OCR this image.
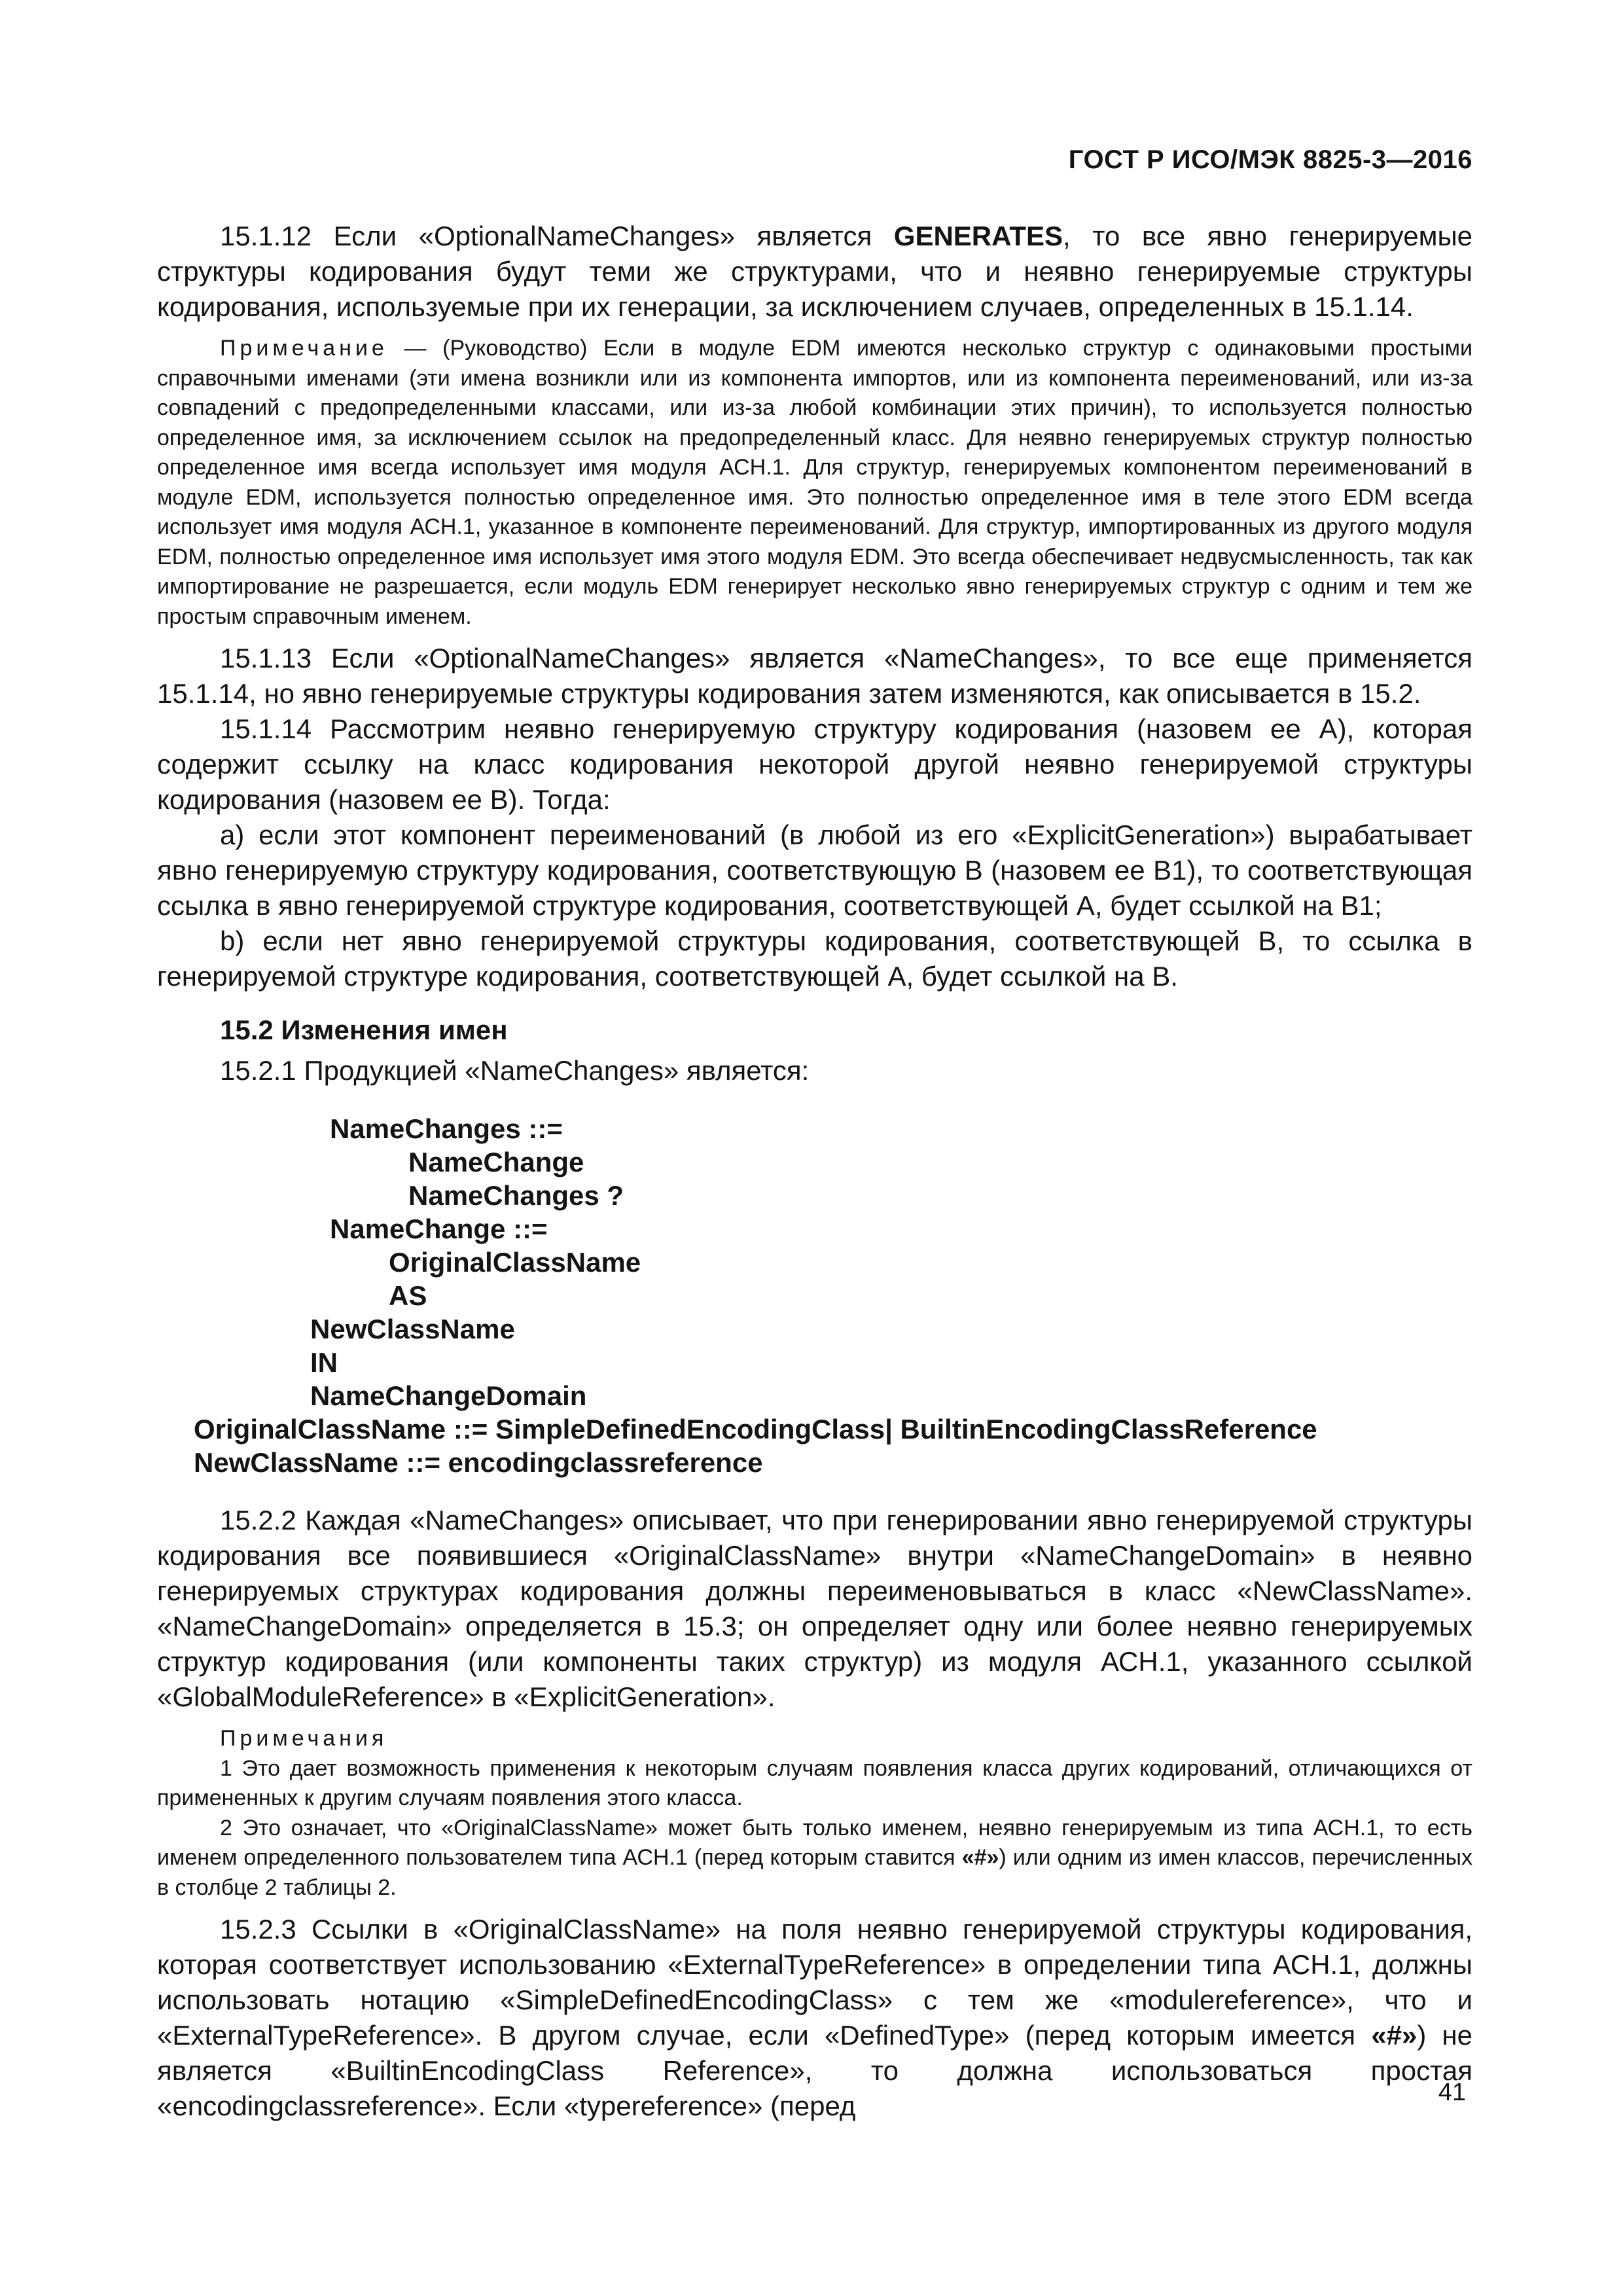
ГОСТ Р ИСО/МЭК 8825-3—2016

15.1.12 Если «OptionalNameChanges» является GENERATES, то все явно генерируемые структуры кодирования будут теми же структурами, что и неявно генерируемые структуры кодирования, используемые при их генерации, за исключением случаев, определенных в 15.1.14.

Примечание — (Руководство) Если в модуле EDM имеются несколько структур с одинаковыми простыми справочными именами (эти имена возникли или из компонента импортов, или из компонента переименований, или из-за совпадений с предопределенными классами, или из-за любой комбинации этих причин), то используется полностью определенное имя, за исключением ссылок на предопределенный класс. Для неявно генерируемых структур полностью определенное имя всегда использует имя модуля АСН.1. Для структур, генерируемых компонентом переименований в модуле EDM, используется полностью определенное имя. Это полностью определенное имя в теле этого EDM всегда использует имя модуля АСН.1, указанное в компоненте переименований. Для структур, импортированных из другого модуля EDM, полностью определенное имя использует имя этого модуля EDM. Это всегда обеспечивает недвусмысленность, так как импортирование не разрешается, если модуль EDM генерирует несколько явно генерируемых структур с одним и тем же простым справочным именем.

15.1.13 Если «OptionalNameChanges» является «NameChanges», то все еще применяется 15.1.14, но явно генерируемые структуры кодирования затем изменяются, как описывается в 15.2.

15.1.14 Рассмотрим неявно генерируемую структуру кодирования (назовем ее A), которая содержит ссылку на класс кодирования некоторой другой неявно генерируемой структуры кодирования (назовем ее B). Тогда:

a) если этот компонент переименований (в любой из его «ExplicitGeneration») вырабатывает явно генерируемую структуру кодирования, соответствующую B (назовем ее B1), то соответствующая ссылка в явно генерируемой структуре кодирования, соответствующей A, будет ссылкой на B1;

b) если нет явно генерируемой структуры кодирования, соответствующей B, то ссылка в генерируемой структуре кодирования, соответствующей A, будет ссылкой на B.

15.2 Изменения имен

15.2.1 Продукцией «NameChanges» является:

NameChanges ::=
NameChange
NameChanges ?
NameChange ::=
OriginalClassName
AS
NewClassName
IN
NameChangeDomain
OriginalClassName ::= SimpleDefinedEncodingClass| BuiltinEncodingClassReference
NewClassName ::= encodingclassreference

15.2.2 Каждая «NameChanges» описывает, что при генерировании явно генерируемой структуры кодирования все появившиеся «OriginalClassName» внутри «NameChangeDomain» в неявно генерируемых структурах кодирования должны переименовываться в класс «NewClassName». «NameChangeDomain» определяется в 15.3; он определяет одну или более неявно генерируемых структур кодирования (или компоненты таких структур) из модуля АСН.1, указанного ссылкой «GlobalModuleReference» в «ExplicitGeneration».

Примечания

1 Это дает возможность применения к некоторым случаям появления класса других кодирований, отличающихся от примененных к другим случаям появления этого класса.

2 Это означает, что «OriginalClassName» может быть только именем, неявно генерируемым из типа АСН.1, то есть именем определенного пользователем типа АСН.1 (перед которым ставится «#») или одним из имен классов, перечисленных в столбце 2 таблицы 2.

15.2.3 Ссылки в «OriginalClassName» на поля неявно генерируемой структуры кодирования, которая соответствует использованию «ExternalTypeReference» в определении типа АСН.1, должны использовать нотацию «SimpleDefinedEncodingClass» с тем же «modulereference», что и «ExternalTypeReference». В другом случае, если «DefinedType» (перед которым имеется «#») не является «BuiltinEncodingClass Reference», то должна использоваться простая «encodingclassreference». Если «typereference» (перед	41
